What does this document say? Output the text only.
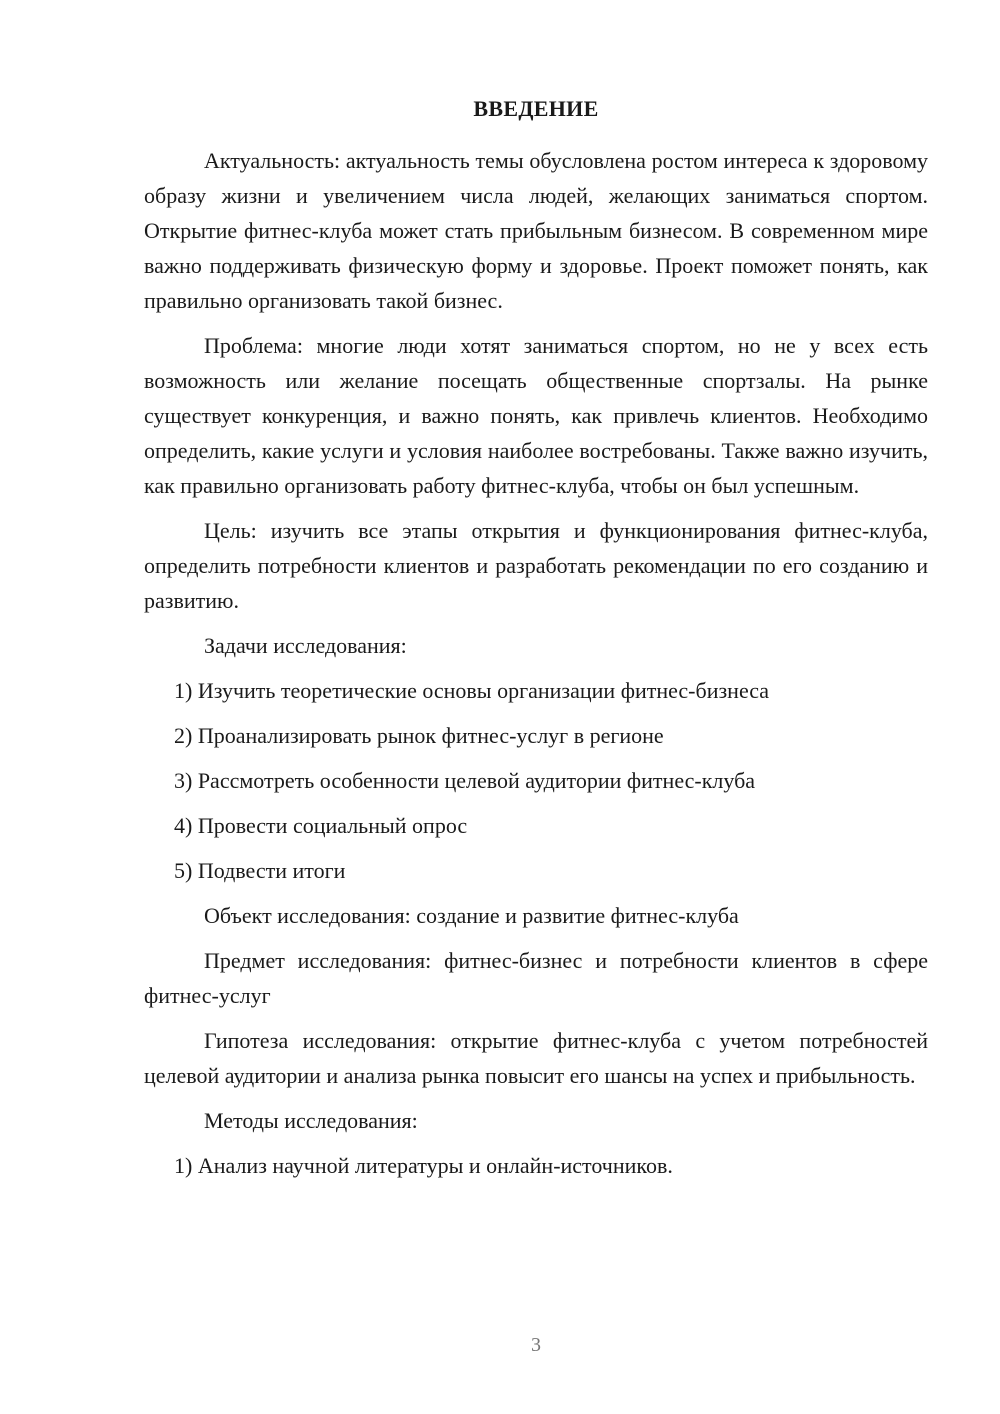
ВВЕДЕНИЕ

Актуальность: актуальность темы обусловлена ростом интереса к здоровому образу жизни и увеличением числа людей, желающих заниматься спортом. Открытие фитнес-клуба может стать прибыльным бизнесом. В современном мире важно поддерживать физическую форму и здоровье. Проект поможет понять, как правильно организовать такой бизнес.

Проблема: многие люди хотят заниматься спортом, но не у всех есть возможность или желание посещать общественные спортзалы. На рынке существует конкуренция, и важно понять, как привлечь клиентов. Необходимо определить, какие услуги и условия наиболее востребованы. Также важно изучить, как правильно организовать работу фитнес-клуба, чтобы он был успешным.

Цель: изучить все этапы открытия и функционирования фитнес-клуба, определить потребности клиентов и разработать рекомендации по его созданию и развитию.

Задачи исследования:

1) Изучить теоретические основы организации фитнес-бизнеса
2) Проанализировать рынок фитнес-услуг в регионе
3) Рассмотреть особенности целевой аудитории фитнес-клуба
4) Провести социальный опрос
5) Подвести итоги

Объект исследования: создание и развитие фитнес-клуба

Предмет исследования: фитнес-бизнес и потребности клиентов в сфере фитнес-услуг

Гипотеза исследования: открытие фитнес-клуба с учетом потребностей целевой аудитории и анализа рынка повысит его шансы на успех и прибыльность.

Методы исследования:

1) Анализ научной литературы и онлайн-источников.
3
